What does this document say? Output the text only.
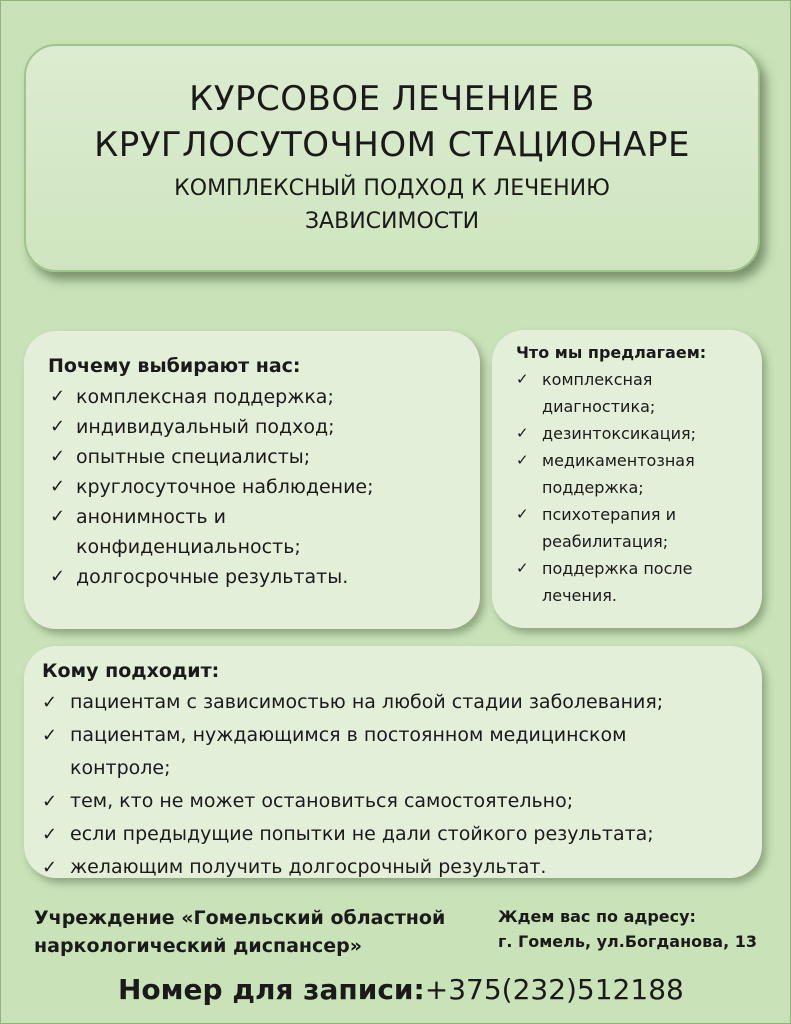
КУРСОВОЕ ЛЕЧЕНИЕ В
КРУГЛОСУТОЧНОМ СТАЦИОНАРЕ
КОМПЛЕКСНЫЙ ПОДХОД К ЛЕЧЕНИЮ
ЗАВИСИМОСТИ
Почему выбирают нас:
✓ комплексная поддержка;
✓ индивидуальный подход;
✓ опытные специалисты;
✓ круглосуточное наблюдение;
✓ анонимность и конфиденциальность;
✓ долгосрочные результаты.
Что мы предлагаем:
✓ комплексная диагностика;
✓ дезинтоксикация;
✓ медикаментозная поддержка;
✓ психотерапия и реабилитация;
✓ поддержка после лечения.
Кому подходит:
✓ пациентам с зависимостью на любой стадии заболевания;
✓ пациентам, нуждающимся в постоянном медицинском контроле;
✓ тем, кто не может остановиться самостоятельно;
✓ если предыдущие попытки не дали стойкого результата;
✓ желающим получить долгосрочный результат.
Учреждение «Гомельский областной
наркологический диспансер»
Ждем вас по адресу:
г. Гомель, ул.Богданова, 13
Номер для записи:+375(232)512188
